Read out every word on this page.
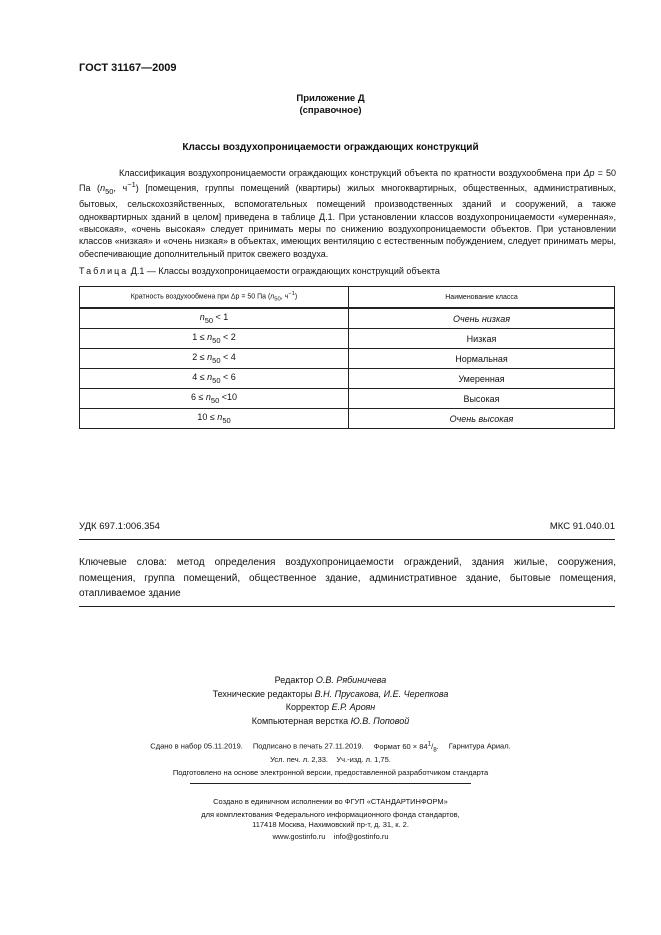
ГОСТ 31167—2009
Приложение Д
(справочное)
Классы воздухопроницаемости ограждающих конструкций
Классификация воздухопроницаемости ограждающих конструкций объекта по кратности воздухообмена при Δp = 50 Па ($n_{50}$, $ч^{-1}$) [помещения, группы помещений (квартиры) жилых многоквартирных, общественных, административных, бытовых, сельскохозяйственных, вспомогательных помещений производственных зданий и сооружений, а также одноквартирных зданий в целом] приведена в таблице Д.1. При установлении классов воздухопроницаемости «умеренная», «высокая», «очень высокая» следует принимать меры по снижению воздухопроницаемости объектов. При установлении классов «низкая» и «очень низкая» в объектах, имеющих вентиляцию с естественным побуждением, следует принимать меры, обеспечивающие дополнительный приток свежего воздуха.
Таблица Д.1 — Классы воздухопроницаемости ограждающих конструкций объекта
Кратность воздухообмена при Δp = 50 Па ($n_{50}$, $ч^{-1}$)	Наименование класса
$n_{50} < 1$	Очень низкая
$1 \le n_{50} < 2$	Низкая
$2 \le n_{50} < 4$	Нормальная
$4 \le n_{50} < 6$	Умеренная
$6 \le n_{50} <10$	Высокая
$10 \le n_{50}$	Очень высокая
УДК 697.1:006.354	МКС 91.040.01
Ключевые слова: метод определения воздухопроницаемости ограждений, здания жилые, сооружения, помещения, группа помещений, общественное здание, административное здание, бытовые помещения, отапливаемое здание
Редактор О.В. Рябиничева
Технические редакторы В.Н. Прусакова, И.Е. Черепкова
Корректор Е.Р. Ароян
Компьютерная верстка Ю.В. Поповой
Сдано в набор 05.11.2019. Подписано в печать 27.11.2019. Формат $60 \times 84^1/_8$. Гарнитура Ариал.
Усл. печ. л. 2,33. Уч.-изд. л. 1,75.
Подготовлено на основе электронной версии, предоставленной разработчиком стандарта
Создано в единичном исполнении во ФГУП «СТАНДАРТИНФОРМ»
для комплектования Федерального информационного фонда стандартов,
117418 Москва, Нахимовский пр-т, д. 31, к. 2.
www.gostinfo.ru info@gostinfo.ru
